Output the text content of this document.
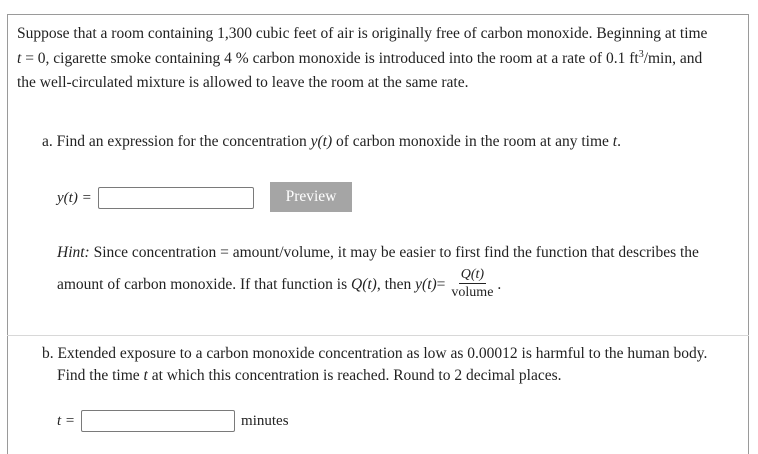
Suppose that a room containing 1,300 cubic feet of air is originally free of carbon monoxide. Beginning at time
t = 0, cigarette smoke containing 4 % carbon monoxide is introduced into the room at a rate of 0.1 $ft^3/\min$, and
the well-circulated mixture is allowed to leave the room at the same rate.
a. Find an expression for the concentration y(t) of carbon monoxide in the room at any time t.
y(t) =	Preview
Hint: Since concentration = amount/volume, it may be easier to first find the function that describes the
amount of carbon monoxide. If that function is
Q(t) , then
$y(t) = \frac{Q(t)}{\text{volume}}$ .
b. Extended exposure to a carbon monoxide concentration as low as 0.00012 is harmful to the human body.
Find the time t at which this concentration is reached. Round to 2 decimal places.
t =	minutes
